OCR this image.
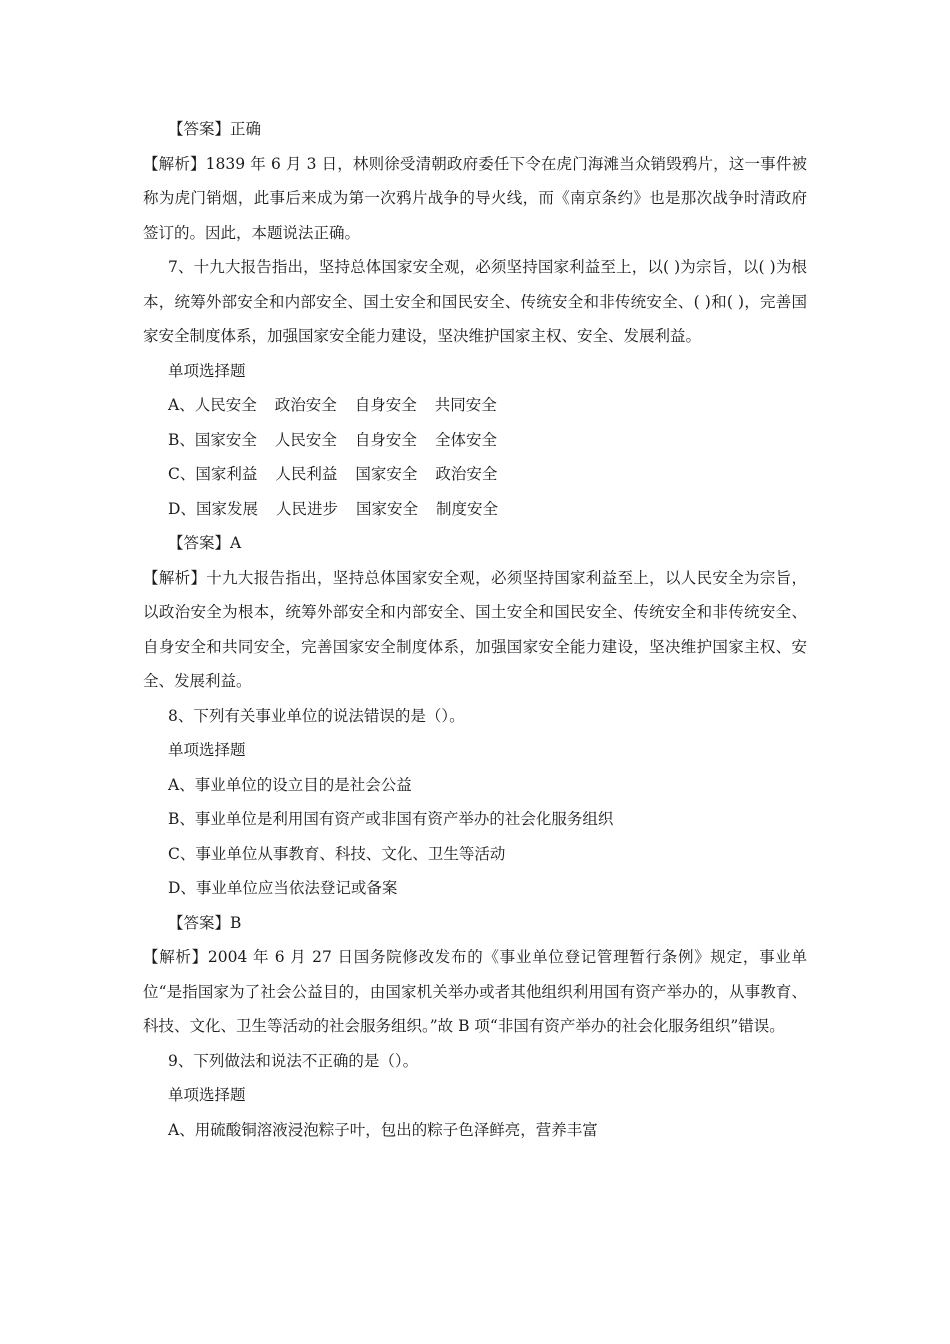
【答案】正确

【解析】1839 年 6 月 3 日，林则徐受清朝政府委任下令在虎门海滩当众销毁鸦片，这一事件被称为虎门销烟，此事后来成为第一次鸦片战争的导火线，而《南京条约》也是那次战争时清政府签订的。因此，本题说法正确。

7、十九大报告指出，坚持总体国家安全观，必须坚持国家利益至上，以( )为宗旨，以( )为根本，统筹外部安全和内部安全、国土安全和国民安全、传统安全和非传统安全、( )和( )，完善国家安全制度体系，加强国家安全能力建设，坚决维护国家主权、安全、发展利益。

单项选择题

A、人民安全 政治安全 自身安全 共同安全

B、国家安全 人民安全 自身安全 全体安全

C、国家利益 人民利益 国家安全 政治安全

D、国家发展 人民进步 国家安全 制度安全

【答案】A

【解析】十九大报告指出，坚持总体国家安全观，必须坚持国家利益至上，以人民安全为宗旨，以政治安全为根本，统筹外部安全和内部安全、国土安全和国民安全、传统安全和非传统安全、自身安全和共同安全，完善国家安全制度体系，加强国家安全能力建设，坚决维护国家主权、安全、发展利益。

8、下列有关事业单位的说法错误的是（）。

单项选择题

A、事业单位的设立目的是社会公益

B、事业单位是利用国有资产或非国有资产举办的社会化服务组织

C、事业单位从事教育、科技、文化、卫生等活动

D、事业单位应当依法登记或备案

【答案】B

【解析】2004 年 6 月 27 日国务院修改发布的《事业单位登记管理暂行条例》规定，事业单位“是指国家为了社会公益目的，由国家机关举办或者其他组织利用国有资产举办的，从事教育、科技、文化、卫生等活动的社会服务组织。”故 B 项“非国有资产举办的社会化服务组织”错误。

9、下列做法和说法不正确的是（）。

单项选择题

A、用硫酸铜溶液浸泡粽子叶，包出的粽子色泽鲜亮，营养丰富
